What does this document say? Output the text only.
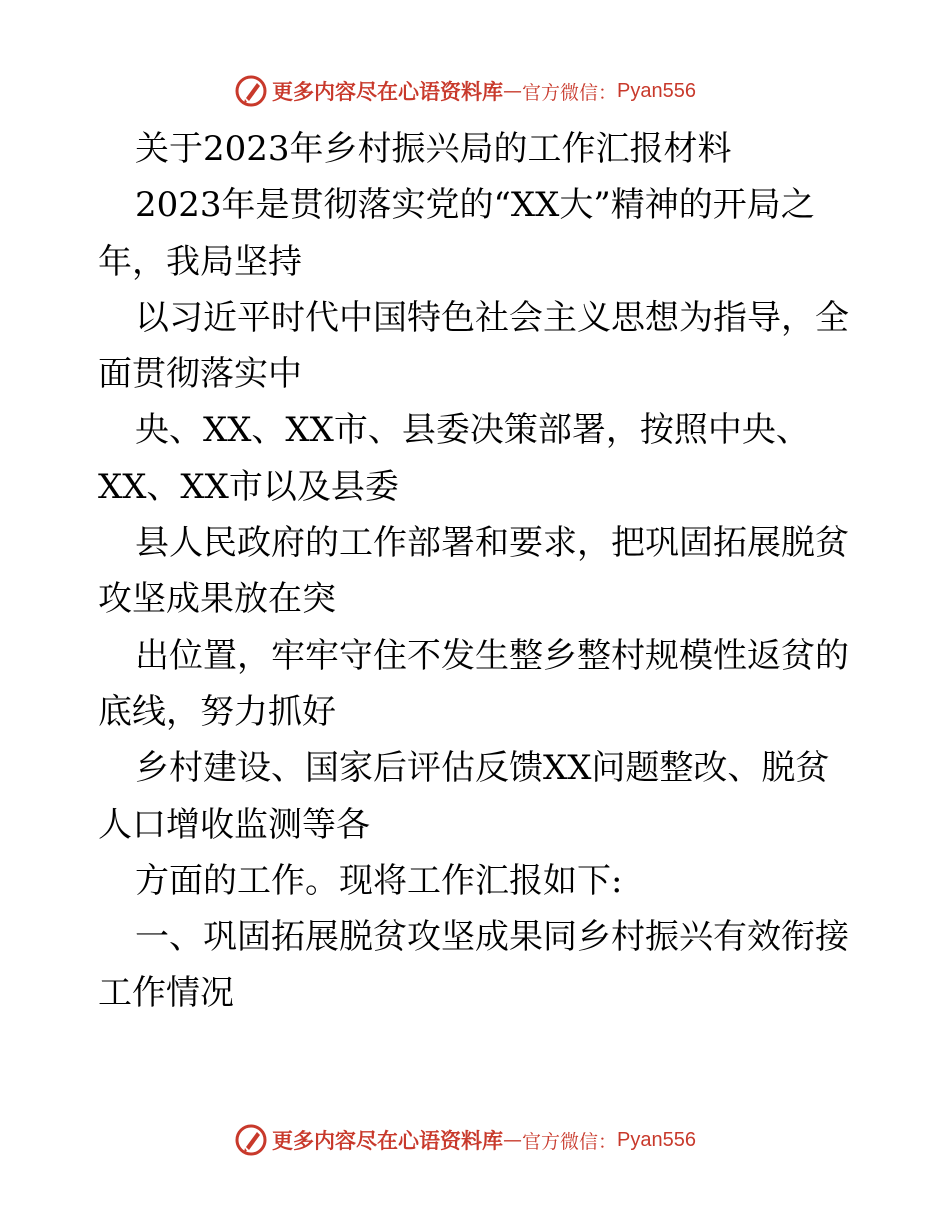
更多内容尽在心语资料库 — 官方微信： Pyan556
关于2023年乡村振兴局的工作汇报材料
2023年是贯彻落实党的“XX大”精神的开局之
年，我局坚持
以习近平时代中国特色社会主义思想为指导，全
面贯彻落实中
央、XX、XX市、县委决策部署，按照中央、
XX、XX市以及县委
县人民政府的工作部署和要求，把巩固拓展脱贫
攻坚成果放在突
出位置，牢牢守住不发生整乡整村规模性返贫的
底线，努力抓好
乡村建设、国家后评估反馈XX问题整改、脱贫
人口增收监测等各
方面的工作。现将工作汇报如下:
一、巩固拓展脱贫攻坚成果同乡村振兴有效衔接
工作情况
更多内容尽在心语资料库 — 官方微信： Pyan556
